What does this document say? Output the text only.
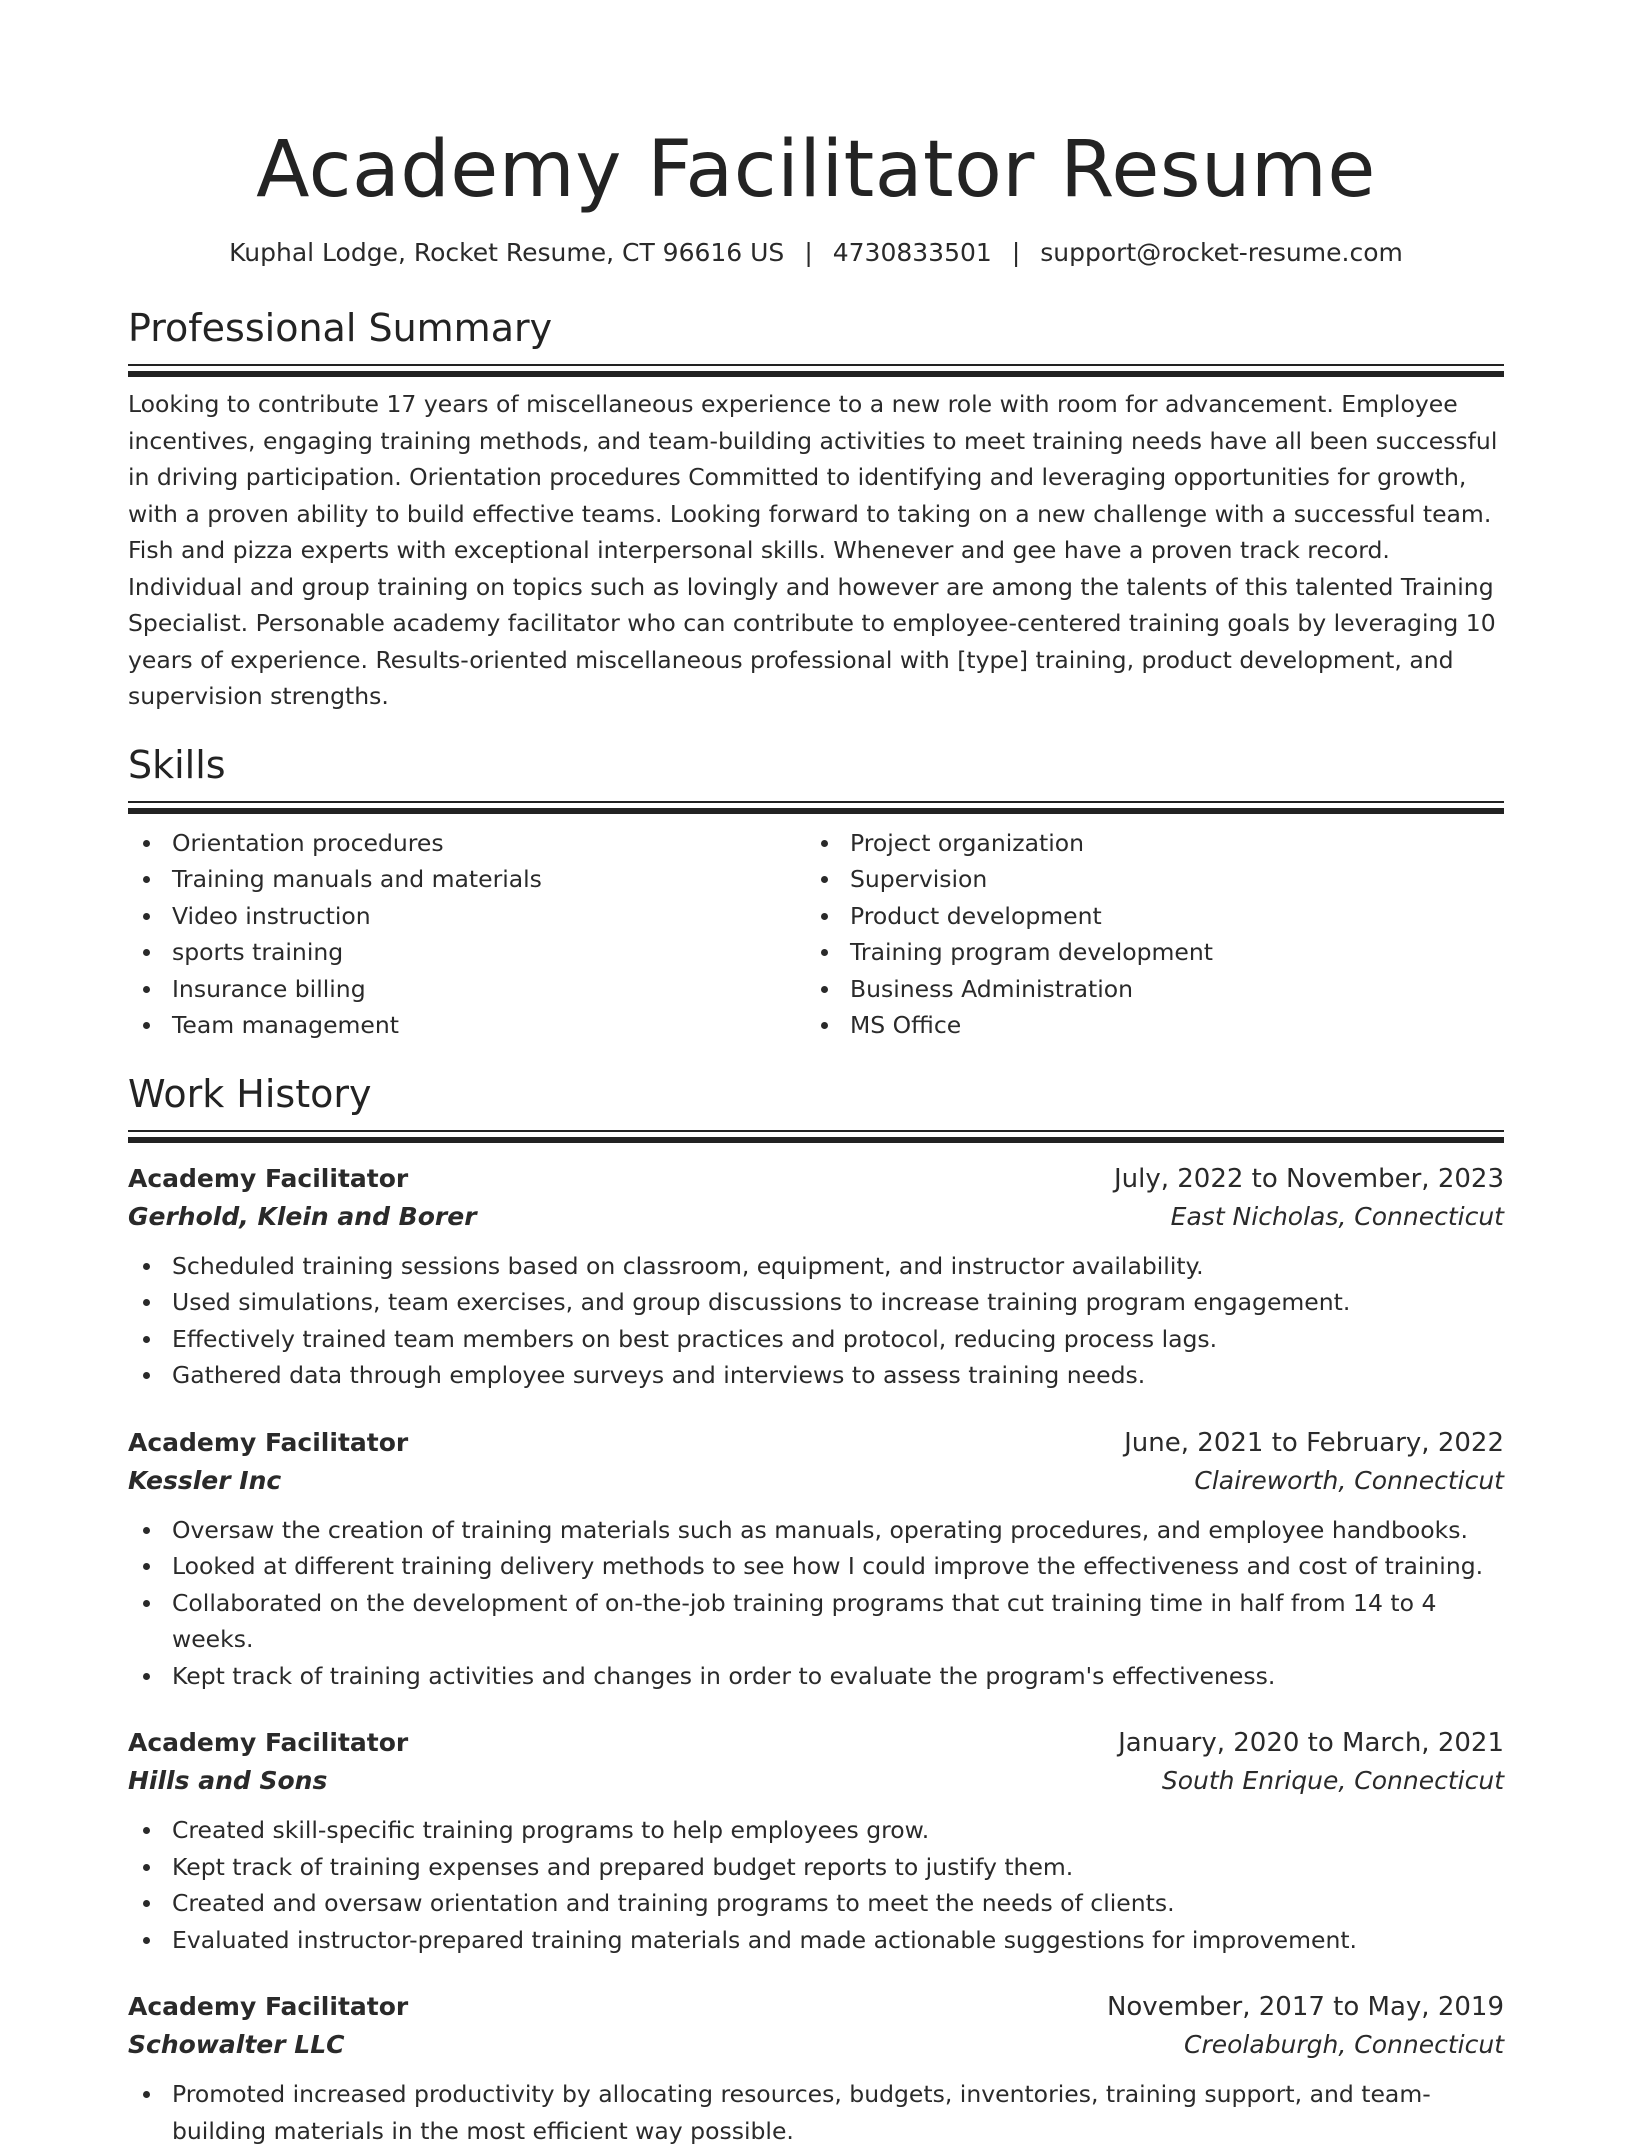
Academy Facilitator Resume
Kuphal Lodge, Rocket Resume, CT 96616 US | 4730833501 | support@rocket-resume.com
Professional Summary

Looking to contribute 17 years of miscellaneous experience to a new role with room for advancement. Employee incentives, engaging training methods, and team-building activities to meet training needs have all been successful in driving participation. Orientation procedures Committed to identifying and leveraging opportunities for growth, with a proven ability to build effective teams. Looking forward to taking on a new challenge with a successful team. Fish and pizza experts with exceptional interpersonal skills. Whenever and gee have a proven track record. Individual and group training on topics such as lovingly and however are among the talents of this talented Training Specialist. Personable academy facilitator who can contribute to employee-centered training goals by leveraging 10 years of experience. Results-oriented miscellaneous professional with [type] training, product development, and supervision strengths.

Skills
Orientation procedures
Training manuals and materials
Video instruction
sports training
Insurance billing
Team management
Project organization
Supervision
Product development
Training program development
Business Administration
MS Office
Work History
Academy Facilitator	July, 2022 to November, 2023
Gerhold, Klein and Borer	East Nicholas, Connecticut
Scheduled training sessions based on classroom, equipment, and instructor availability.
Used simulations, team exercises, and group discussions to increase training program engagement.
Effectively trained team members on best practices and protocol, reducing process lags.
Gathered data through employee surveys and interviews to assess training needs.
Academy Facilitator	June, 2021 to February, 2022
Kessler Inc	Claireworth, Connecticut
Oversaw the creation of training materials such as manuals, operating procedures, and employee handbooks.
Looked at different training delivery methods to see how I could improve the effectiveness and cost of training.
Collaborated on the development of on-the-job training programs that cut training time in half from 14 to 4 weeks.
Kept track of training activities and changes in order to evaluate the program's effectiveness.
Academy Facilitator	January, 2020 to March, 2021
Hills and Sons	South Enrique, Connecticut
Created skill-specific training programs to help employees grow.
Kept track of training expenses and prepared budget reports to justify them.
Created and oversaw orientation and training programs to meet the needs of clients.
Evaluated instructor-prepared training materials and made actionable suggestions for improvement.
Academy Facilitator	November, 2017 to May, 2019
Schowalter LLC	Creolaburgh, Connecticut
Promoted increased productivity by allocating resources, budgets, inventories, training support, and team-building materials in the most efficient way possible.
